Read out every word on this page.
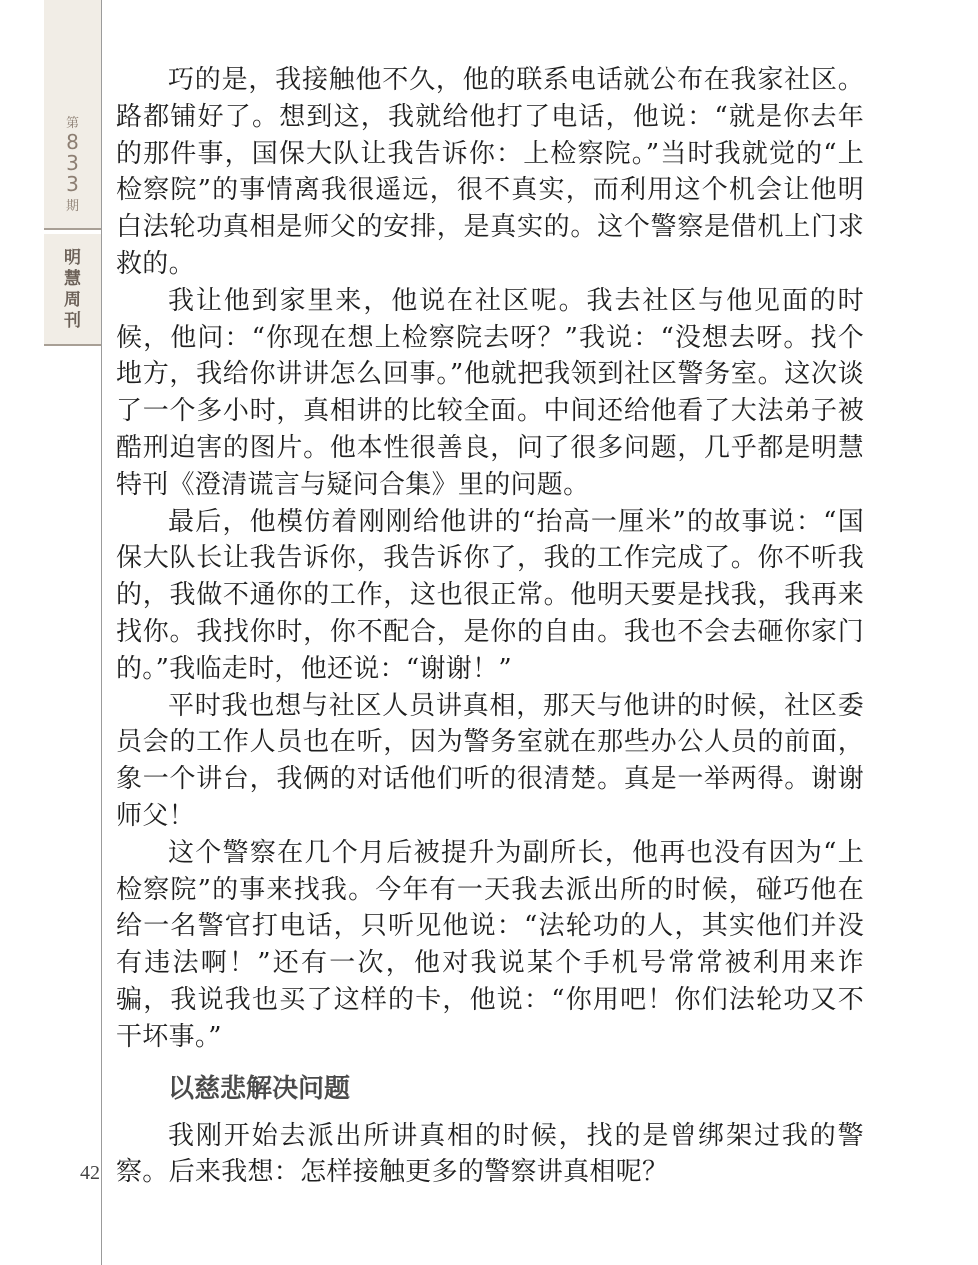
第
8
3
3
期
明
慧
周
刊
42

巧的是，我接触他不久，他的联系电话就公布在我家社区。路都铺好了。想到这，我就给他打了电话，他说：“就是你去年的那件事，国保大队让我告诉你：上检察院。”当时我就觉的“上检察院”的事情离我很遥远，很不真实，而利用这个机会让他明白法轮功真相是师父的安排，是真实的。这个警察是借机上门求救的。

我让他到家里来，他说在社区呢。我去社区与他见面的时候，他问：“你现在想上检察院去呀？”我说：“没想去呀。找个地方，我给你讲讲怎么回事。”他就把我领到社区警务室。这次谈了一个多小时，真相讲的比较全面。中间还给他看了大法弟子被酷刑迫害的图片。他本性很善良，问了很多问题，几乎都是明慧特刊《澄清谎言与疑问合集》里的问题。

最后，他模仿着刚刚给他讲的“抬高一厘米”的故事说：“国保大队长让我告诉你，我告诉你了，我的工作完成了。你不听我的，我做不通你的工作，这也很正常。他明天要是找我，我再来找你。我找你时，你不配合，是你的自由。我也不会去砸你家门的。”我临走时，他还说：“谢谢！”

平时我也想与社区人员讲真相，那天与他讲的时候，社区委员会的工作人员也在听，因为警务室就在那些办公人员的前面，象一个讲台，我俩的对话他们听的很清楚。真是一举两得。谢谢师父！

这个警察在几个月后被提升为副所长，他再也没有因为“上检察院”的事来找我。今年有一天我去派出所的时候，碰巧他在给一名警官打电话，只听见他说：“法轮功的人，其实他们并没有违法啊！”还有一次，他对我说某个手机号常常被利用来诈骗，我说我也买了这样的卡，他说：“你用吧！你们法轮功又不干坏事。”

以慈悲解决问题

我刚开始去派出所讲真相的时候，找的是曾绑架过我的警察。后来我想：怎样接触更多的警察讲真相呢？
